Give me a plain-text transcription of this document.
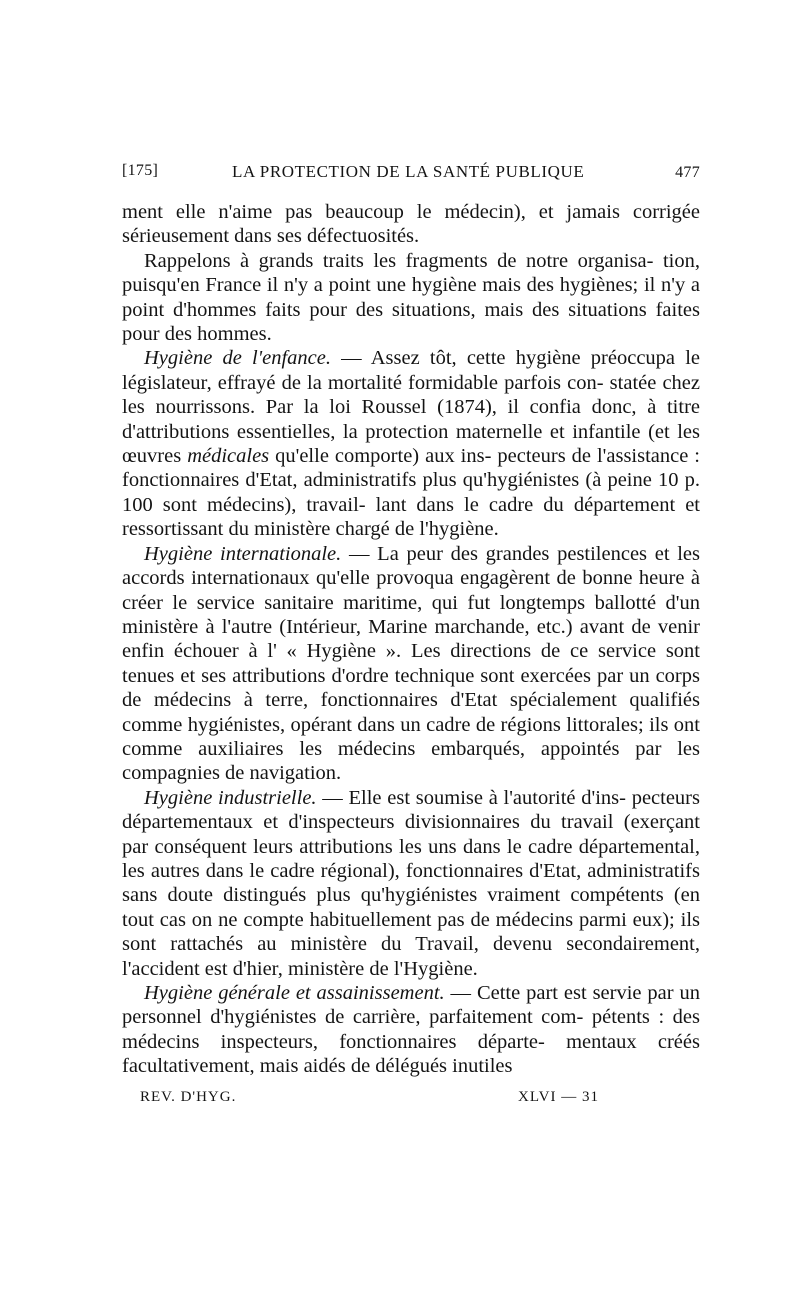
[175]	LA PROTECTION DE LA SANTÉ PUBLIQUE	477

ment elle n'aime pas beaucoup le médecin), et jamais corrigée sérieusement dans ses défectuosités.

Rappelons à grands traits les fragments de notre organisa- tion, puisqu'en France il n'y a point une hygiène mais des hygiènes; il n'y a point d'hommes faits pour des situations, mais des situations faites pour des hommes.

Hygiène de l'enfance. — Assez tôt, cette hygiène préoccupa le législateur, effrayé de la mortalité formidable parfois con- statée chez les nourrissons. Par la loi Roussel (1874), il confia donc, à titre d'attributions essentielles, la protection maternelle et infantile (et les œuvres médicales qu'elle comporte) aux ins- pecteurs de l'assistance : fonctionnaires d'Etat, administratifs plus qu'hygiénistes (à peine 10 p. 100 sont médecins), travail- lant dans le cadre du département et ressortissant du ministère chargé de l'hygiène.

Hygiène internationale. — La peur des grandes pestilences et les accords internationaux qu'elle provoqua engagèrent de bonne heure à créer le service sanitaire maritime, qui fut longtemps ballotté d'un ministère à l'autre (Intérieur, Marine marchande, etc.) avant de venir enfin échouer à l' « Hygiène ». Les directions de ce service sont tenues et ses attributions d'ordre technique sont exercées par un corps de médecins à terre, fonctionnaires d'Etat spécialement qualifiés comme hygiénistes, opérant dans un cadre de régions littorales; ils ont comme auxiliaires les médecins embarqués, appointés par les compagnies de navigation.

Hygiène industrielle. — Elle est soumise à l'autorité d'ins- pecteurs départementaux et d'inspecteurs divisionnaires du travail (exerçant par conséquent leurs attributions les uns dans le cadre départemental, les autres dans le cadre régional), fonctionnaires d'Etat, administratifs sans doute distingués plus qu'hygiénistes vraiment compétents (en tout cas on ne compte habituellement pas de médecins parmi eux); ils sont rattachés au ministère du Travail, devenu secondairement, l'accident est d'hier, ministère de l'Hygiène.

Hygiène générale et assainissement. — Cette part est servie par un personnel d'hygiénistes de carrière, parfaitement com- pétents : des médecins inspecteurs, fonctionnaires départe- mentaux créés facultativement, mais aidés de délégués inutiles

REV. D'HYG.	XLVI — 31
